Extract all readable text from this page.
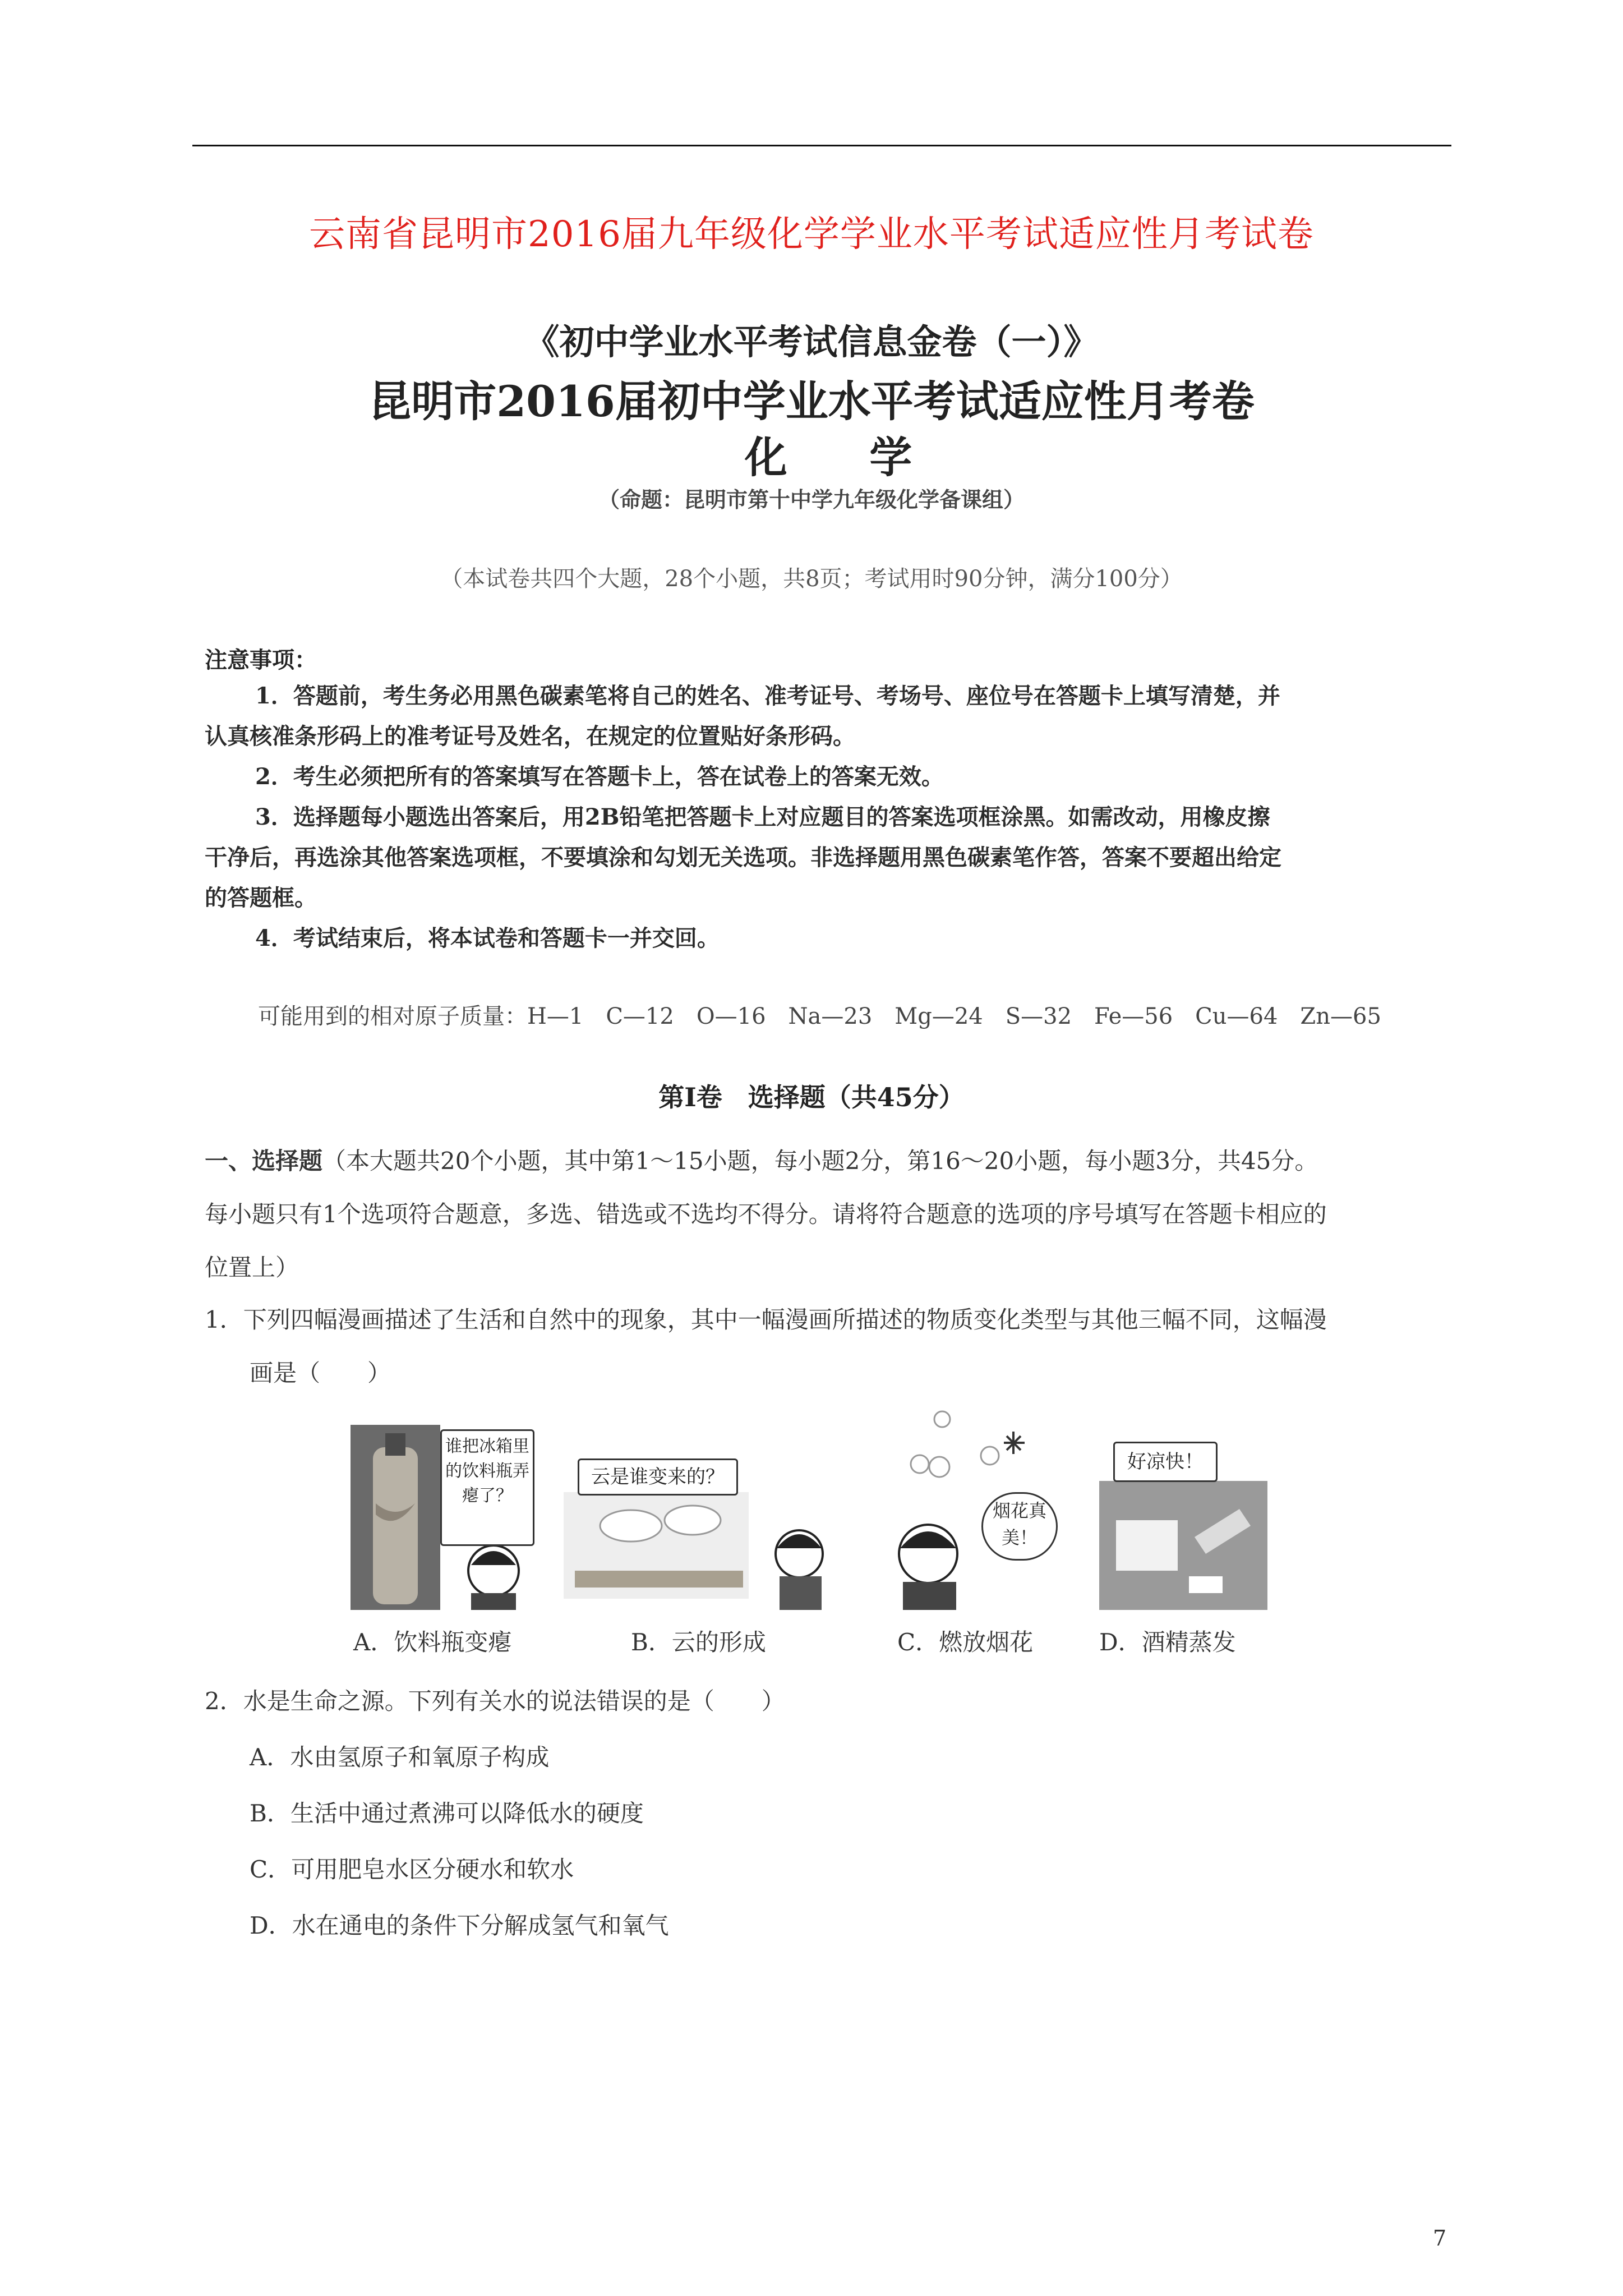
云南省昆明市2016届九年级化学学业水平考试适应性月考试卷
《初中学业水平考试信息金卷（一）》
昆明市2016届初中学业水平考试适应性月考卷
化 学
（命题：昆明市第十中学九年级化学备课组）
（本试卷共四个大题，28个小题，共8页；考试用时90分钟，满分100分）
注意事项：
1．答题前，考生务必用黑色碳素笔将自己的姓名、准考证号、考场号、座位号在答题卡上填写清楚，并
认真核准条形码上的准考证号及姓名，在规定的位置贴好条形码。
2．考生必须把所有的答案填写在答题卡上，答在试卷上的答案无效。
3．选择题每小题选出答案后，用2B铅笔把答题卡上对应题目的答案选项框涂黑。如需改动，用橡皮擦
干净后，再选涂其他答案选项框，不要填涂和勾划无关选项。非选择题用黑色碳素笔作答，答案不要超出给定
的答题框。
4．考试结束后，将本试卷和答题卡一并交回。
可能用到的相对原子质量：H—1　C—12　O—16　Na—23　Mg—24　S—32　Fe—56　Cu—64　Zn—65
第Ⅰ卷　选择题（共45分）
一、选择题（本大题共20个小题，其中第1～15小题，每小题2分，第16～20小题，每小题3分，共45分。
每小题只有1个选项符合题意，多选、错选或不选均不得分。请将符合题意的选项的序号填写在答题卡相应的
位置上）
1．下列四幅漫画描述了生活和自然中的现象，其中一幅漫画所描述的物质变化类型与其他三幅不同，这幅漫
画是（　　）
谁把冰箱里的饮料瓶弄瘪了？
云是谁变来的？
烟花真美！
好凉快！
A．饮料瓶变瘪	B．云的形成	C．燃放烟花	D．酒精蒸发
2．水是生命之源。下列有关水的说法错误的是（　　）
A．水由氢原子和氧原子构成
B．生活中通过煮沸可以降低水的硬度
C．可用肥皂水区分硬水和软水
D．水在通电的条件下分解成氢气和氧气
7
